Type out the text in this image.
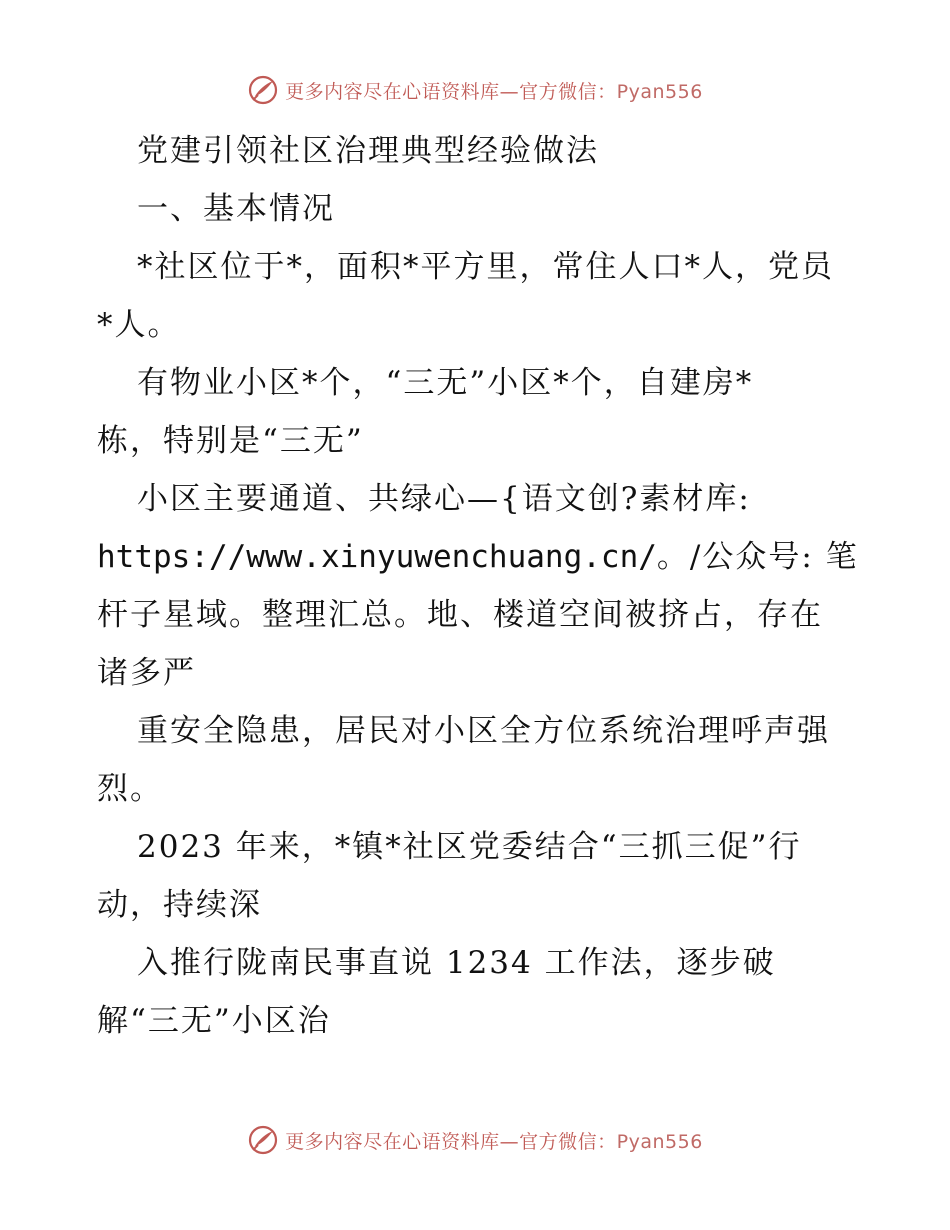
更多内容尽在心语资料库—官方微信：Pyan556
党建引领社区治理典型经验做法
一、基本情况
*社区位于*，面积*平方里，常住人口*人，党员
*人。
有物业小区*个，“三无”小区*个，自建房*
栋，特别是“三无”
小区主要通道、共绿心—{语文创?素材库:
https://www.xinyuwenchuang.cn/。/公众号: 笔
杆子星域。整理汇总。地、楼道空间被挤占，存在
诸多严
重安全隐患，居民对小区全方位系统治理呼声强
烈。
2023 年来，*镇*社区党委结合“三抓三促”行
动，持续深
入推行陇南民事直说 1234 工作法，逐步破
解“三无”小区治
更多内容尽在心语资料库—官方微信：Pyan556
